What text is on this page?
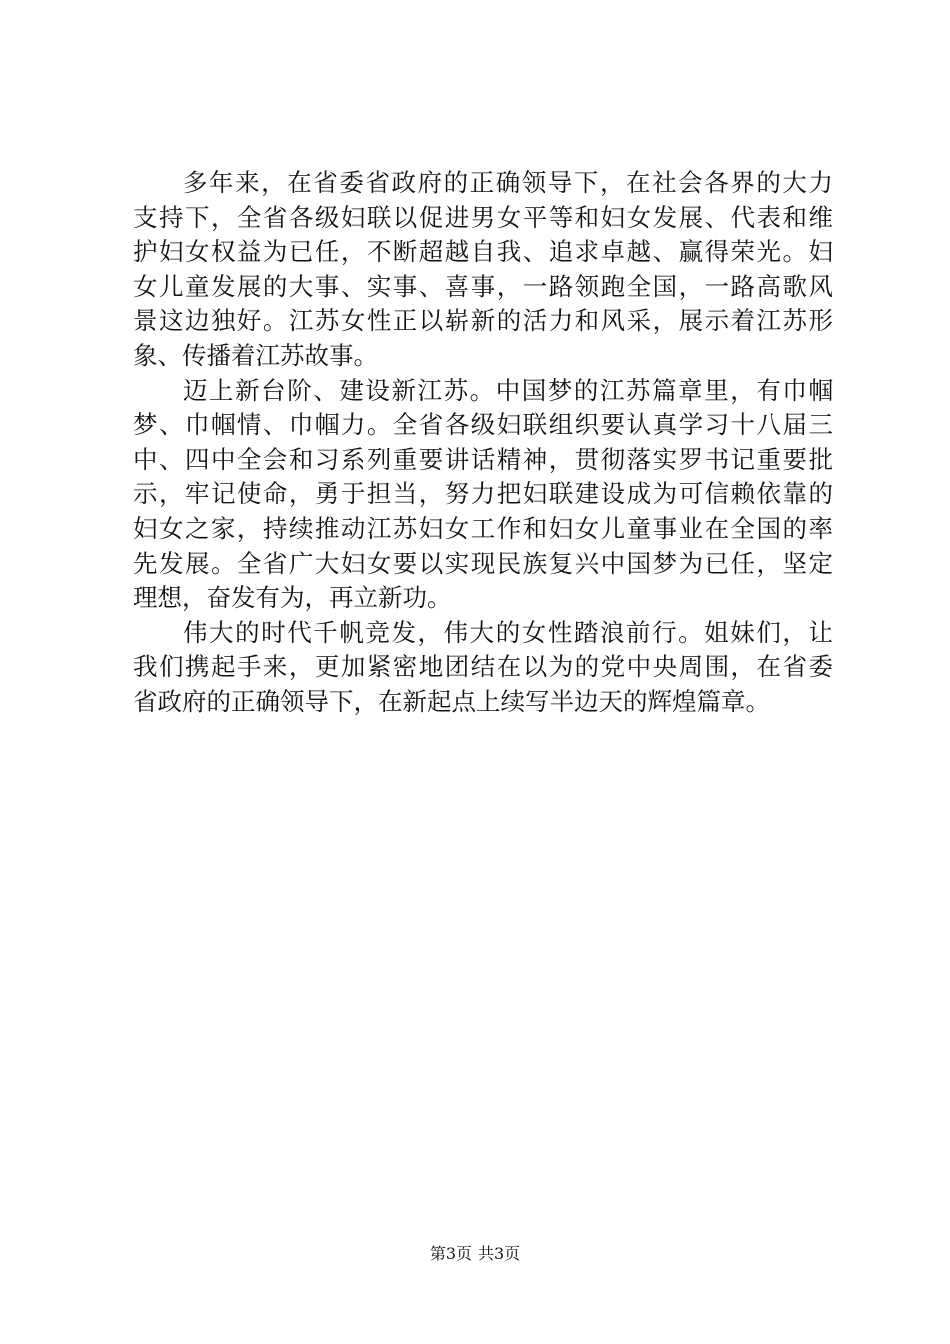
多年来，在省委省政府的正确领导下，在社会各界的大力
支持下，全省各级妇联以促进男女平等和妇女发展、代表和维
护妇女权益为已任，不断超越自我、追求卓越、赢得荣光。妇
女儿童发展的大事、实事、喜事，一路领跑全国，一路高歌风
景这边独好。江苏女性正以崭新的活力和风采，展示着江苏形
象、传播着江苏故事。
迈上新台阶、建设新江苏。中国梦的江苏篇章里，有巾帼
梦、巾帼情、巾帼力。全省各级妇联组织要认真学习十八届三
中、四中全会和习系列重要讲话精神，贯彻落实罗书记重要批
示，牢记使命，勇于担当，努力把妇联建设成为可信赖依靠的
妇女之家，持续推动江苏妇女工作和妇女儿童事业在全国的率
先发展。全省广大妇女要以实现民族复兴中国梦为已任，坚定
理想，奋发有为，再立新功。
伟大的时代千帆竞发，伟大的女性踏浪前行。姐妹们，让
我们携起手来，更加紧密地团结在以为的党中央周围，在省委
省政府的正确领导下，在新起点上续写半边天的辉煌篇章。
第3页 共3页
